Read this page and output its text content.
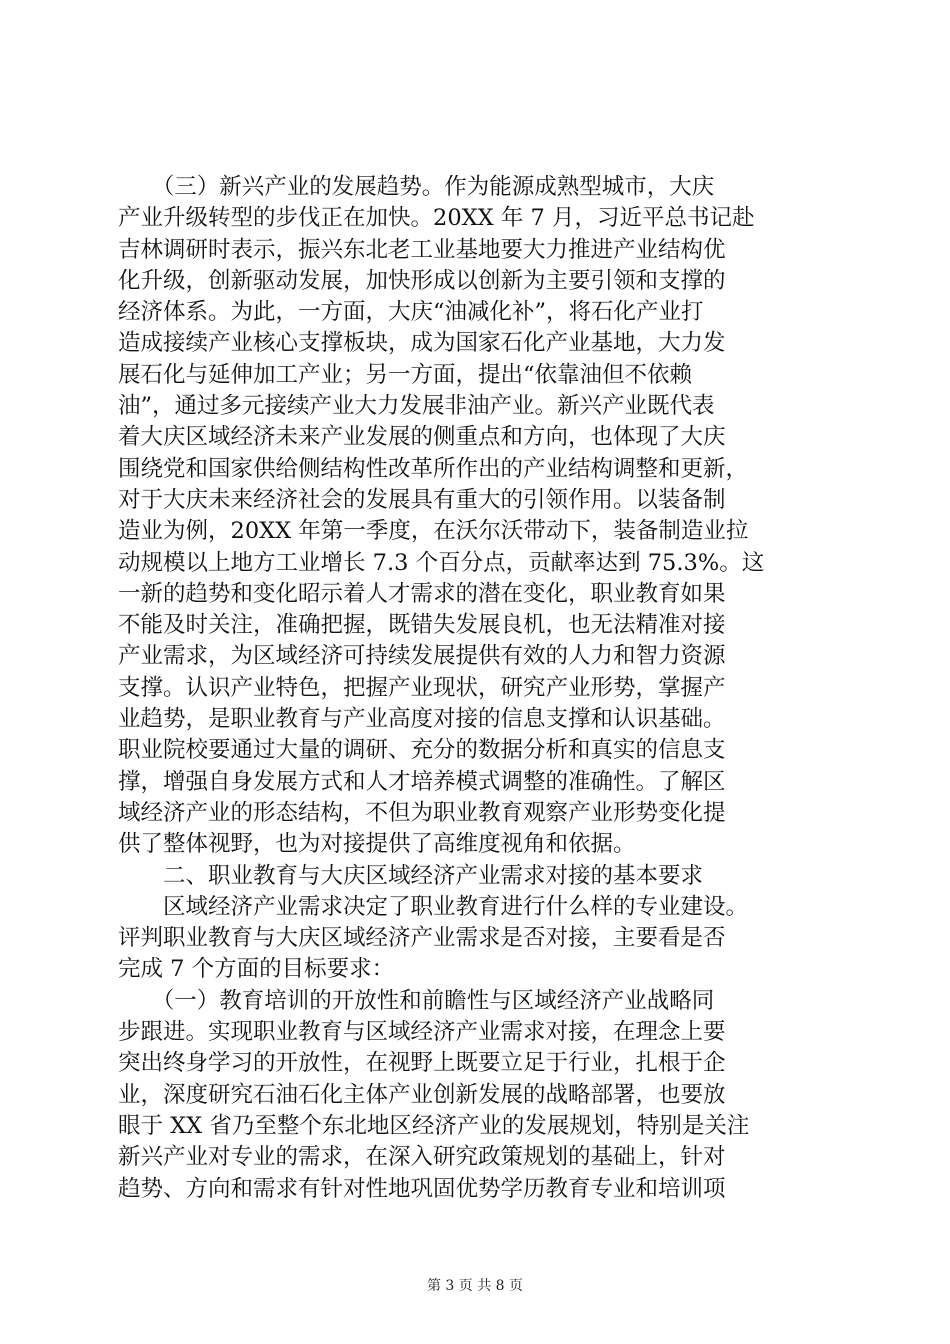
　　（三）新兴产业的发展趋势。作为能源成熟型城市，大庆
产业升级转型的步伐正在加快。20XX 年 7 月，习近平总书记赴
吉林调研时表示，振兴东北老工业基地要大力推进产业结构优
化升级，创新驱动发展，加快形成以创新为主要引领和支撑的
经济体系。为此，一方面，大庆“油减化补”，将石化产业打
造成接续产业核心支撑板块，成为国家石化产业基地，大力发
展石化与延伸加工产业；另一方面，提出“依靠油但不依赖
油”，通过多元接续产业大力发展非油产业。新兴产业既代表
着大庆区域经济未来产业发展的侧重点和方向，也体现了大庆
围绕党和国家供给侧结构性改革所作出的产业结构调整和更新，
对于大庆未来经济社会的发展具有重大的引领作用。以装备制
造业为例，20XX 年第一季度，在沃尔沃带动下，装备制造业拉
动规模以上地方工业增长 7.3 个百分点，贡献率达到 75.3%。这
一新的趋势和变化昭示着人才需求的潜在变化，职业教育如果
不能及时关注，准确把握，既错失发展良机，也无法精准对接
产业需求，为区域经济可持续发展提供有效的人力和智力资源
支撑。认识产业特色，把握产业现状，研究产业形势，掌握产
业趋势，是职业教育与产业高度对接的信息支撑和认识基础。
职业院校要通过大量的调研、充分的数据分析和真实的信息支
撑，增强自身发展方式和人才培养模式调整的准确性。了解区
域经济产业的形态结构，不但为职业教育观察产业形势变化提
供了整体视野，也为对接提供了高维度视角和依据。
　　二、职业教育与大庆区域经济产业需求对接的基本要求
　　区域经济产业需求决定了职业教育进行什么样的专业建设。
评判职业教育与大庆区域经济产业需求是否对接，主要看是否
完成 7 个方面的目标要求：
　　（一）教育培训的开放性和前瞻性与区域经济产业战略同
步跟进。实现职业教育与区域经济产业需求对接，在理念上要
突出终身学习的开放性，在视野上既要立足于行业，扎根于企
业，深度研究石油石化主体产业创新发展的战略部署，也要放
眼于 XX 省乃至整个东北地区经济产业的发展规划，特别是关注
新兴产业对专业的需求，在深入研究政策规划的基础上，针对
趋势、方向和需求有针对性地巩固优势学历教育专业和培训项
第 3 页 共 8 页
